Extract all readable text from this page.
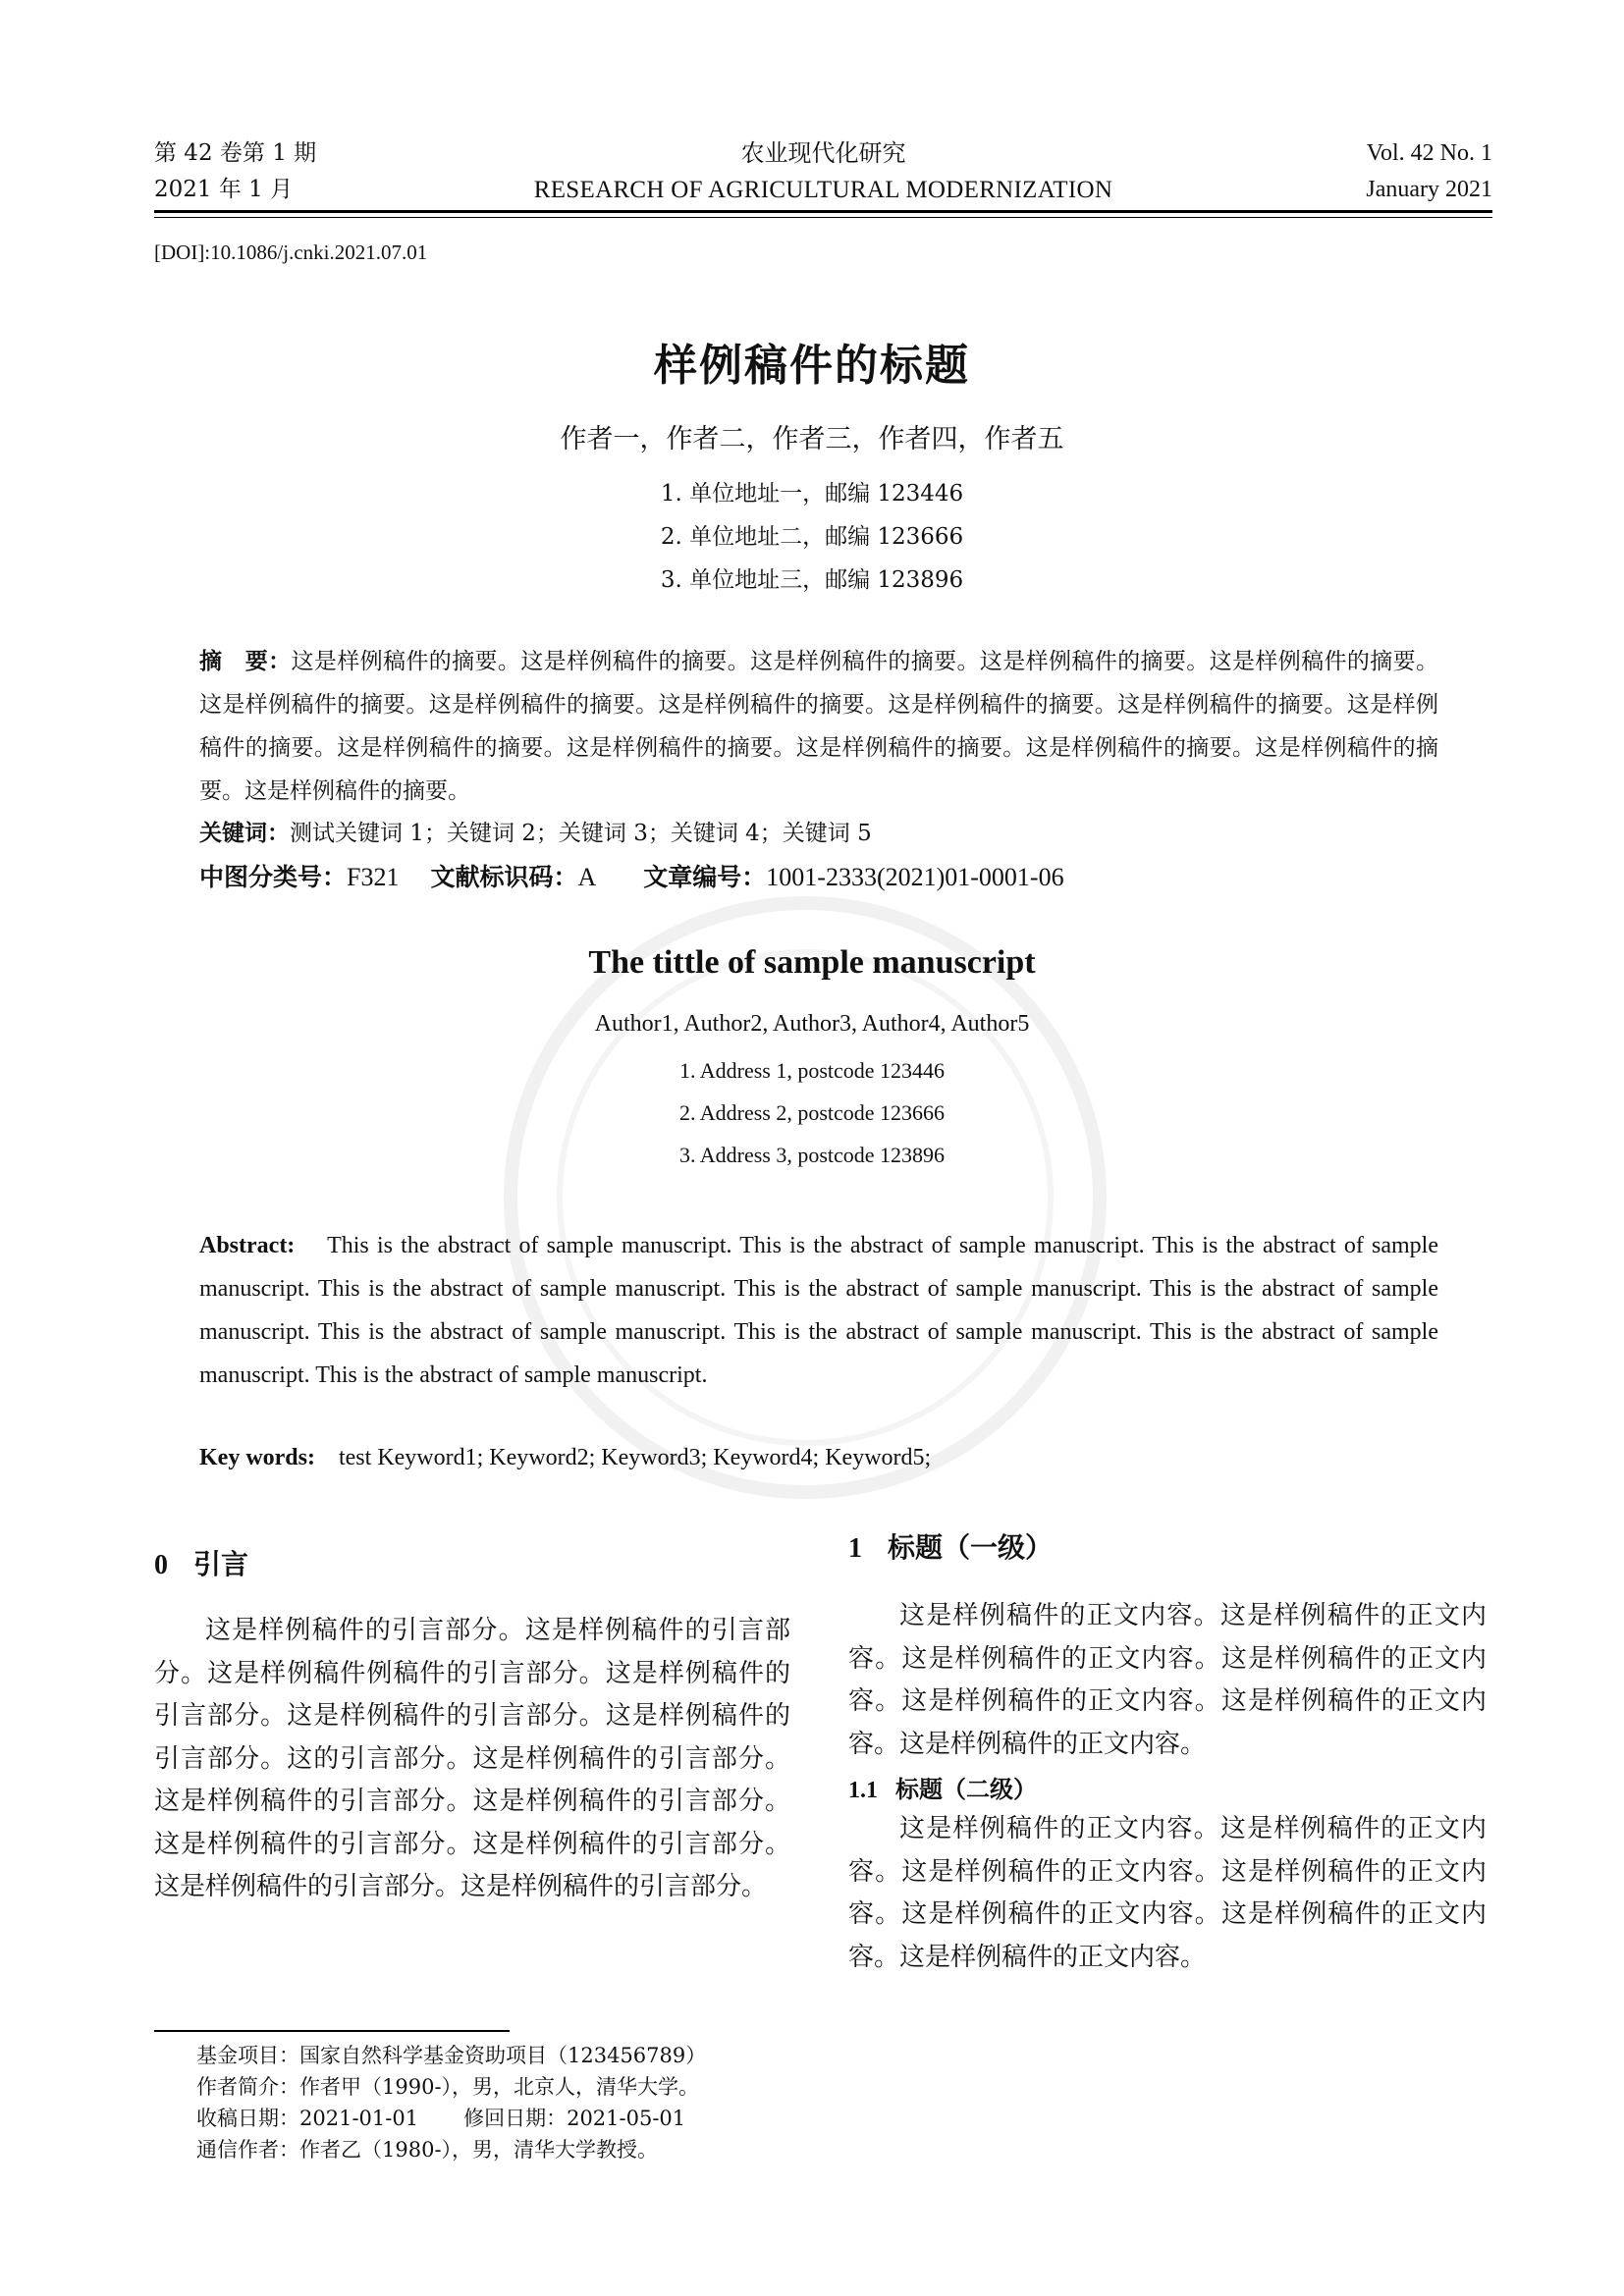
第 42 卷第 1 期
2021 年 1 月
农业现代化研究
RESEARCH OF AGRICULTURAL MODERNIZATION
Vol. 42 No. 1
January 2021
[DOI]:10.1086/j.cnki.2021.07.01
样例稿件的标题
作者一，作者二，作者三，作者四，作者五
1. 单位地址一，邮编 123446
2. 单位地址二，邮编 123666
3. 单位地址三，邮编 123896
摘　要：这是样例稿件的摘要。这是样例稿件的摘要。这是样例稿件的摘要。这是样例稿件的摘要。这是样例稿件的摘要。这是样例稿件的摘要。这是样例稿件的摘要。这是样例稿件的摘要。这是样例稿件的摘要。这是样例稿件的摘要。这是样例稿件的摘要。这是样例稿件的摘要。这是样例稿件的摘要。这是样例稿件的摘要。这是样例稿件的摘要。这是样例稿件的摘要。这是样例稿件的摘要。
关键词：测试关键词 1；关键词 2；关键词 3；关键词 4；关键词 5
中图分类号：F321 文献标识码：A 文章编号：1001-2333(2021)01-0001-06
The tittle of sample manuscript
Author1, Author2, Author3, Author4, Author5
1. Address 1, postcode 123446
2. Address 2, postcode 123666
3. Address 3, postcode 123896
Abstract: This is the abstract of sample manuscript. This is the abstract of sample manuscript. This is the abstract of sample manuscript. This is the abstract of sample manuscript. This is the abstract of sample manuscript. This is the abstract of sample manuscript. This is the abstract of sample manuscript. This is the abstract of sample manuscript. This is the abstract of sample manuscript. This is the abstract of sample manuscript.
Key words: test Keyword1; Keyword2; Keyword3; Keyword4; Keyword5;
0 引言

这是样例稿件的引言部分。这是样例稿件的引言部分。这是样例稿件例稿件的引言部分。这是样例稿件的引言部分。这是样例稿件的引言部分。这是样例稿件的引言部分。这的引言部分。这是样例稿件的引言部分。这是样例稿件的引言部分。这是样例稿件的引言部分。这是样例稿件的引言部分。这是样例稿件的引言部分。这是样例稿件的引言部分。这是样例稿件的引言部分。

1 标题（一级）

这是样例稿件的正文内容。这是样例稿件的正文内容。这是样例稿件的正文内容。这是样例稿件的正文内容。这是样例稿件的正文内容。这是样例稿件的正文内容。这是样例稿件的正文内容。

1.1 标题（二级）

这是样例稿件的正文内容。这是样例稿件的正文内容。这是样例稿件的正文内容。这是样例稿件的正文内容。这是样例稿件的正文内容。这是样例稿件的正文内容。这是样例稿件的正文内容。

基金项目：国家自然科学基金资助项目（123456789）
作者简介：作者甲（1990-），男，北京人，清华大学。
收稿日期：2021-01-01 修回日期：2021-05-01
通信作者：作者乙（1980-），男，清华大学教授。
